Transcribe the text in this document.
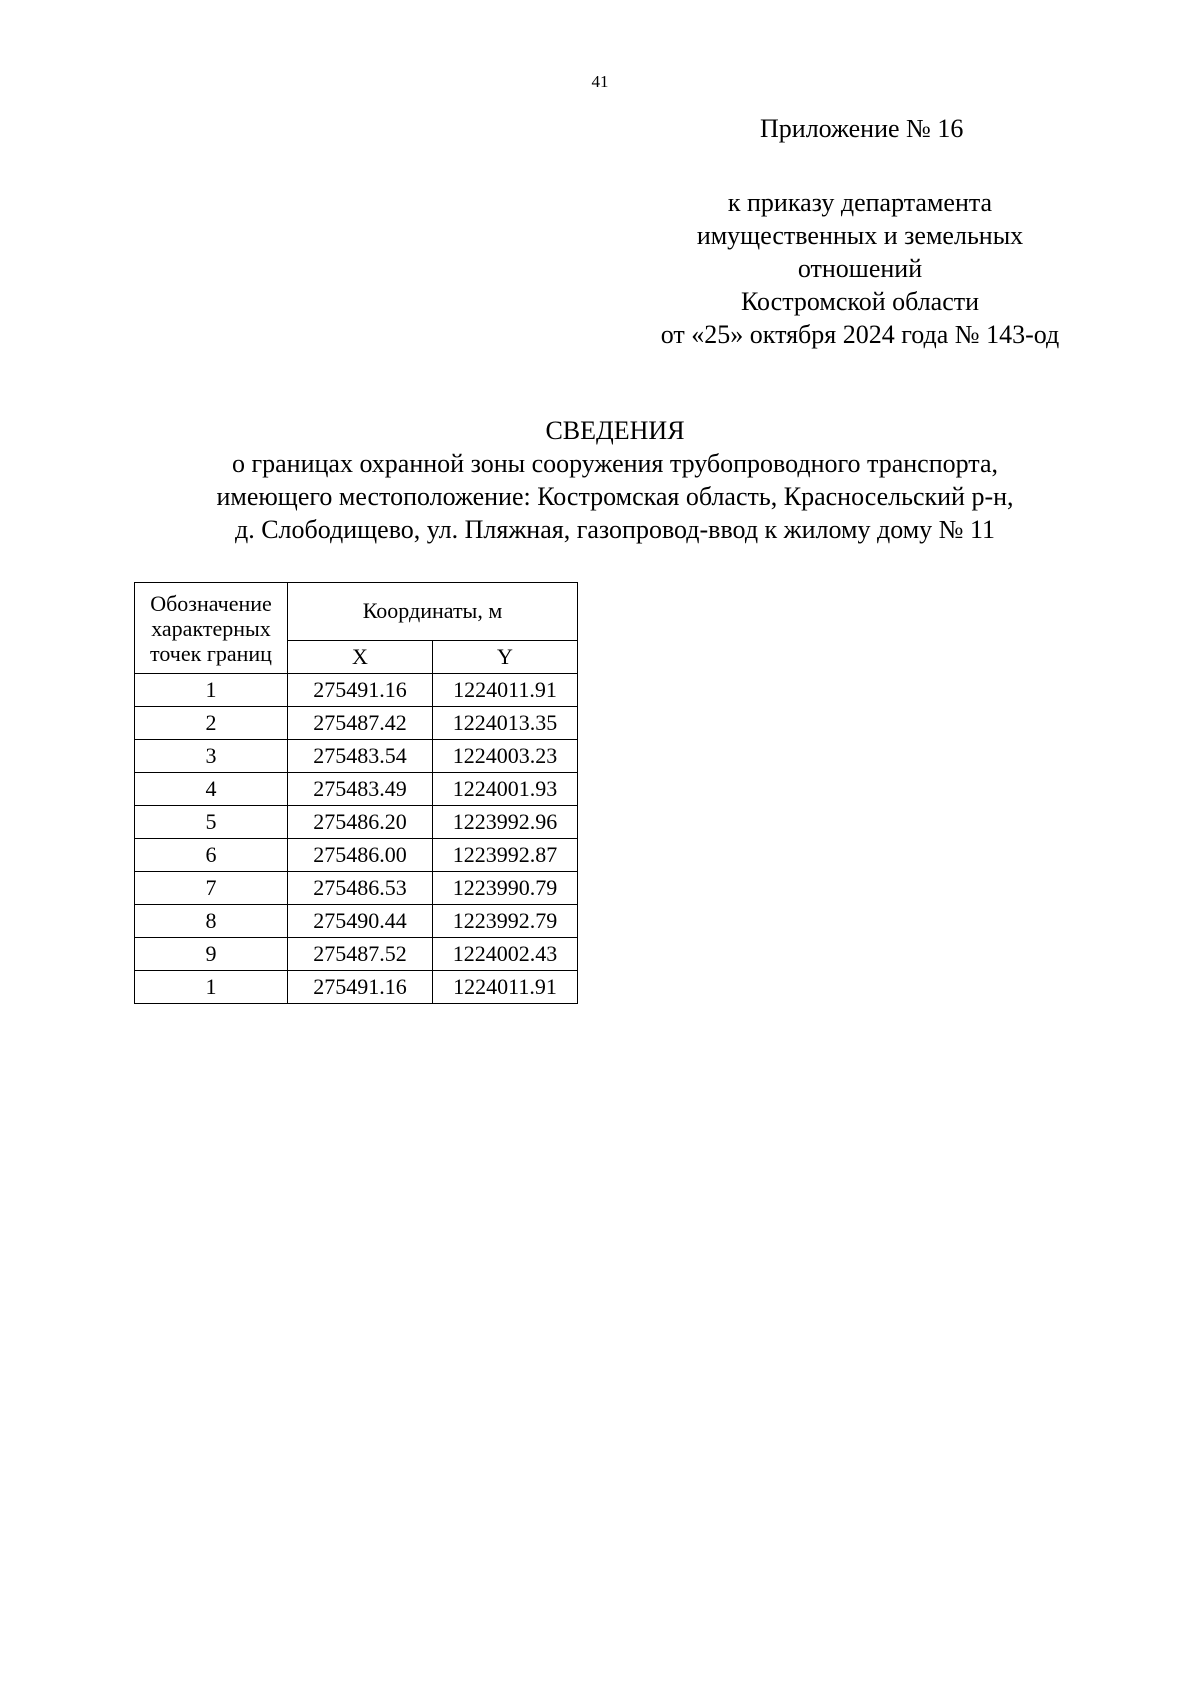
41
Приложение № 16
к приказу департамента
имущественных и земельных
отношений
Костромской области
от «25» октября 2024 года № 143-од
СВЕДЕНИЯ
о границах охранной зоны сооружения трубопроводного транспорта,
имеющего местоположение: Костромская область, Красносельский р-н,
д. Слободищево, ул. Пляжная, газопровод-ввод к жилому дому № 11
Обозначение
характерных
точек границ	Координаты, м	
	X	Y
1	275491.16	1224011.91
2	275487.42	1224013.35
3	275483.54	1224003.23
4	275483.49	1224001.93
5	275486.20	1223992.96
6	275486.00	1223992.87
7	275486.53	1223990.79
8	275490.44	1223992.79
9	275487.52	1224002.43
1	275491.16	1224011.91
